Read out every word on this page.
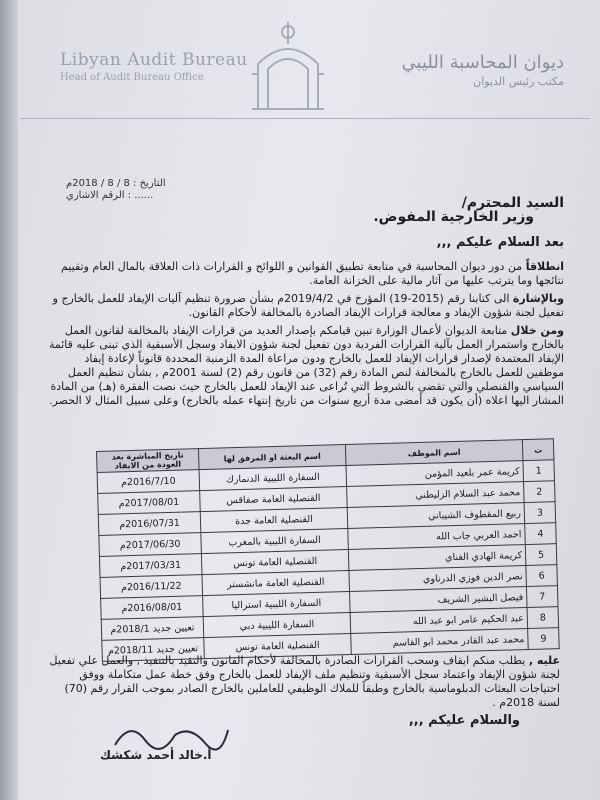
Libyan Audit Bureau
Head of Audit Bureau Office
ديوان المحاسبة الليبي
مكتب رئيس الديوان
التاريخ : 8 / 8 / 2018م
الرقم الاشاري : ......	السيد المحترم/
وزير الخارجية المفوض.
بعد السلام عليكم ,,,

انطلاقاً من دور ديوان المحاسبة في متابعة تطبيق القوانين و اللوائح و القرارات ذات العلاقة بالمال العام وتقييم نتائجها وما يترتب عليها من آثار مالية على الخزانة العامة.

وبالإشارة الى كتابنا رقم (2015-19) المؤرخ في 2019/4/2م بشأن ضرورة تنظيم آليات الإيفاد للعمل بالخارج و تفعيل لجنة شؤون الإيفاد و معالجة قرارات الإيفاد الصادرة بالمخالفة لأحكام القانون.

ومن خلال متابعة الديوان لأعمال الوزارة تبين قيامكم بإصدار العديد من قرارات الإيفاد بالمخالفة لقانون العمل بالخارج واستمرار العمل بآلية القرارات الفردية دون تفعيل لجنة شؤون الايفاد وسجل الأسبقية الذي تبنى عليه قائمة الإيفاد المعتمدة لإصدار قرارات الإيفاد للعمل بالخارج ودون مراعاة المدة الزمنية المحددة قانوناً لإعادة إيفاد موظفين للعمل بالخارج بالمخالفة لنص المادة رقم (32) من قانون رقم (2) لسنة 2001م , بشأن تنظيم العمل السياسي والقنصلي والتي تقضي بالشروط التي تُراعى عند الإيفاد للعمل بالخارج حيث نصت الفقرة (هـ) من المادة المشار اليها اعلاه (أن يكون قد أمضى مدة أربع سنوات من تاريخ إنتهاء عمله بالخارج) وعلى سبيل المثال لا الحصر.

ت	اسم الموظف	اسم البعثة او المرفق لها	تاريخ المباشرة بعد العودة من الايفاد
1	كريمة عمر بلعيد المؤمن	السفارة الليبية الدنمارك	2016/7/10م
2	محمد عبد السلام الزليطني	القنصلية العامة صفاقس	2017/08/01م
3	ربيع المقطوف الشيباني	القنصلية العامة جدة	2016/07/31م
4	احمد العربي جاب الله	السفارة الليبية بالمغرب	2017/06/30م
5	كريمة الهادي الفناي	القنصلية العامة تونس	2017/03/31م
6	نصر الدين فوزي الدرناوي	القنصلية العامة مانشستر	2016/11/22م
7	فيصل البشير الشريف	السفارة الليبية استراليا	2016/08/01م
8	عبد الحكيم عامر ابو عبد الله	السفارة الليبية دبي	تعيين جديد 2018/1م
9	محمد عبد القادر محمد ابو القاسم	القنصلية العامة تونس	تعيين جديد 2018/11م

عليه , يطلب منكم ايقاف وسحب القرارات الصادرة بالمخالفة لأحكام القانون والتقيد بالتنفيذ , والعمل علي تفعيل لجنة شؤون الإيفاد واعتماد سجل الأسبقية وتنظيم ملف الإيفاد للعمل بالخارج وفق خطة عمل متكاملة ووفق احتياجات البعثات الدبلوماسية بالخارج وطبقاً للملاك الوظيفي للعاملين بالخارج الصادر بموجب القرار رقم (70) لسنة 2018م .

والسلام عليكم ,,,
أ.خالد أحمد شكشك
